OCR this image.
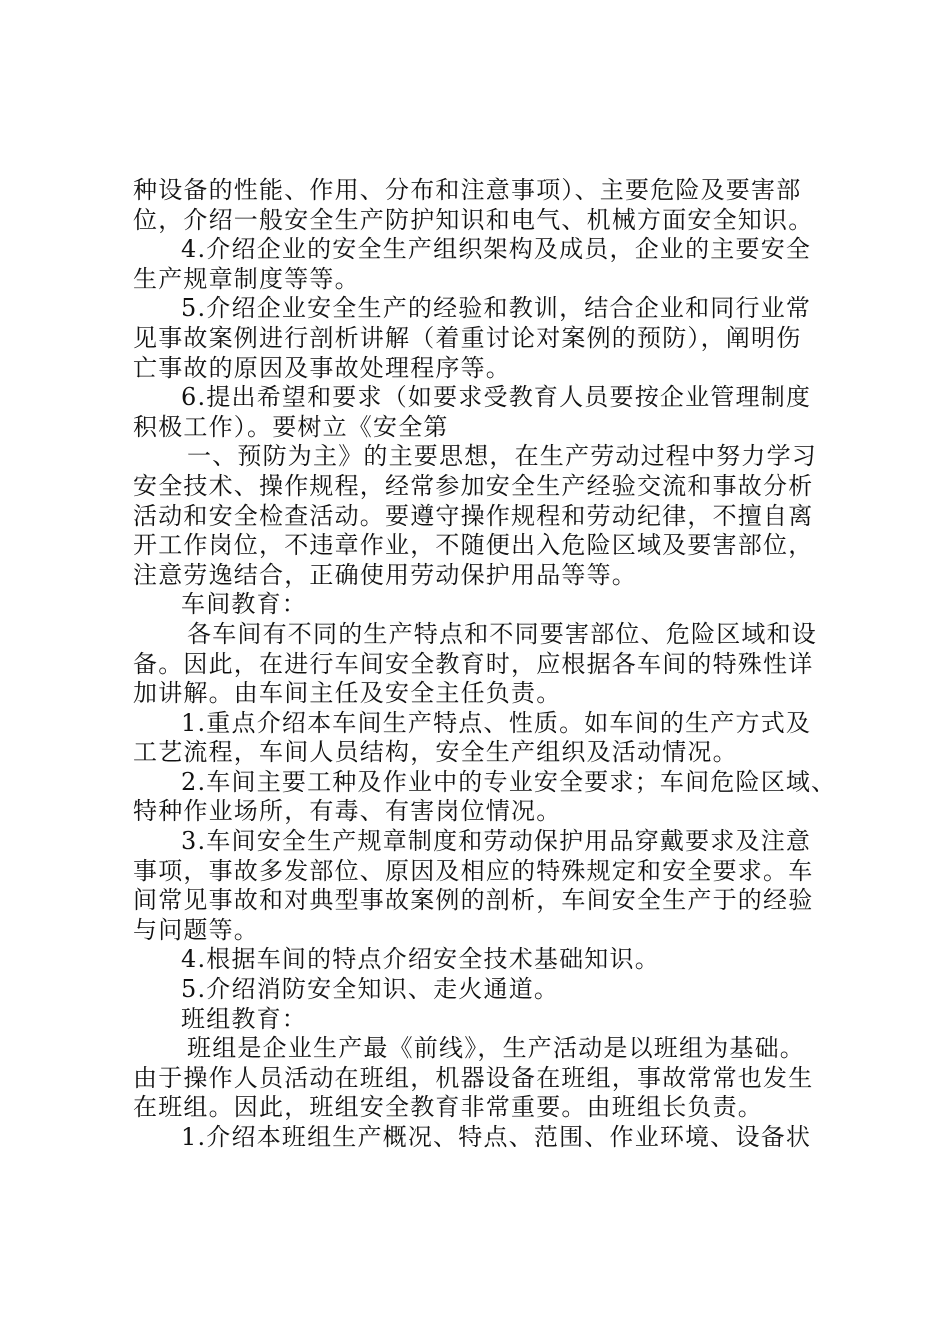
种设备的性能、作用、分布和注意事项）、主要危险及要害部
位，介绍一般安全生产防护知识和电气、机械方面安全知识。
4.介绍企业的安全生产组织架构及成员，企业的主要安全
生产规章制度等等。
5.介绍企业安全生产的经验和教训，结合企业和同行业常
见事故案例进行剖析讲解（着重讨论对案例的预防），阐明伤
亡事故的原因及事故处理程序等。
6.提出希望和要求（如要求受教育人员要按企业管理制度
积极工作）。要树立《安全第
一、预防为主》的主要思想，在生产劳动过程中努力学习
安全技术、操作规程，经常参加安全生产经验交流和事故分析
活动和安全检查活动。要遵守操作规程和劳动纪律，不擅自离
开工作岗位，不违章作业，不随便出入危险区域及要害部位，
注意劳逸结合，正确使用劳动保护用品等等。
车间教育：
各车间有不同的生产特点和不同要害部位、危险区域和设
备。因此，在进行车间安全教育时，应根据各车间的特殊性详
加讲解。由车间主任及安全主任负责。
1.重点介绍本车间生产特点、性质。如车间的生产方式及
工艺流程，车间人员结构，安全生产组织及活动情况。
2.车间主要工种及作业中的专业安全要求；车间危险区域、
特种作业场所，有毒、有害岗位情况。
3.车间安全生产规章制度和劳动保护用品穿戴要求及注意
事项，事故多发部位、原因及相应的特殊规定和安全要求。车
间常见事故和对典型事故案例的剖析，车间安全生产于的经验
与问题等。
4.根据车间的特点介绍安全技术基础知识。
5.介绍消防安全知识、走火通道。
班组教育：
班组是企业生产最《前线》，生产活动是以班组为基础。
由于操作人员活动在班组，机器设备在班组，事故常常也发生
在班组。因此，班组安全教育非常重要。由班组长负责。
1.介绍本班组生产概况、特点、范围、作业环境、设备状
